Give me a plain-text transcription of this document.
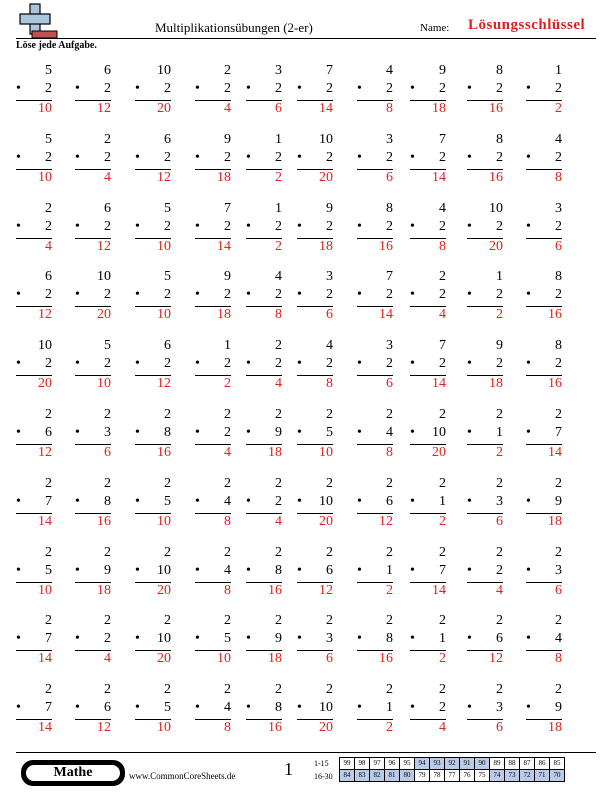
Multiplikationsübungen (2-er)	Name: Lösungsschlüssel
Löse jede Aufgabe.
5
• 2
10
6
• 2
12
10
• 2
20
2
• 2
4
3
• 2
6
7
• 2
14
4
• 2
8
9
• 2
18
8
• 2
16
1
• 2
2
5
• 2
10
2
• 2
4
6
• 2
12
9
• 2
18
1
• 2
2
10
• 2
20
3
• 2
6
7
• 2
14
8
• 2
16
4
• 2
8
2
• 2
4
6
• 2
12
5
• 2
10
7
• 2
14
1
• 2
2
9
• 2
18
8
• 2
16
4
• 2
8
10
• 2
20
3
• 2
6
6
• 2
12
10
• 2
20
5
• 2
10
9
• 2
18
4
• 2
8
3
• 2
6
7
• 2
14
2
• 2
4
1
• 2
2
8
• 2
16
10
• 2
20
5
• 2
10
6
• 2
12
1
• 2
2
2
• 2
4
4
• 2
8
3
• 2
6
7
• 2
14
9
• 2
18
8
• 2
16
2
• 6
12
2
• 3
6
2
• 8
16
2
• 2
4
2
• 9
18
2
• 5
10
2
• 4
8
2
• 10
20
2
• 1
2
2
• 7
14
2
• 7
14
2
• 8
16
2
• 5
10
2
• 4
8
2
• 2
4
2
• 10
20
2
• 6
12
2
• 1
2
2
• 3
6
2
• 9
18
2
• 5
10
2
• 9
18
2
• 10
20
2
• 4
8
2
• 8
16
2
• 6
12
2
• 1
2
2
• 7
14
2
• 2
4
2
• 3
6
2
• 7
14
2
• 2
4
2
• 10
20
2
• 5
10
2
• 9
18
2
• 3
6
2
• 8
16
2
• 1
2
2
• 6
12
2
• 4
8
2
• 7
14
2
• 6
12
2
• 5
10
2
• 4
8
2
• 8
16
2
• 10
20
2
• 1
2
2
• 2
4
2
• 3
6
2
• 9
18
Mathe	www.CommonCoreSheets.de	1	1-15
16-30
99	98	97	96	95	94	93	92	91	90	89	88	87	86	85
84	83	82	81	80	79	78	77	76	75	74	73	72	71	70
